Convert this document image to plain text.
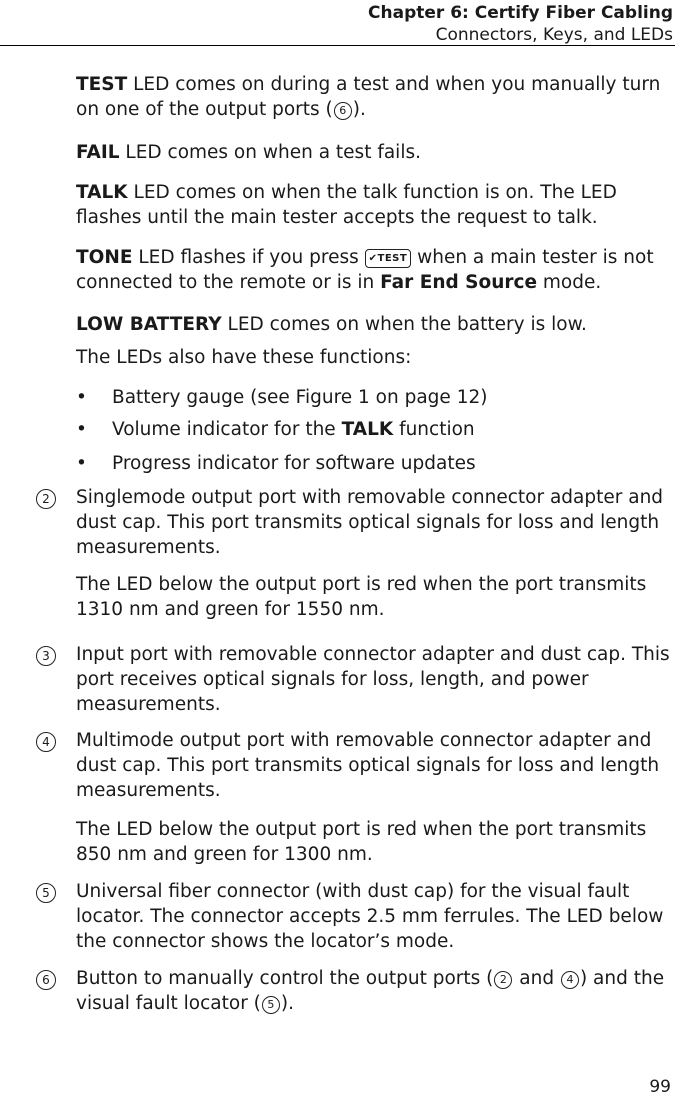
Chapter 6: Certify Fiber Cabling
Connectors, Keys, and LEDs
TEST LED comes on during a test and when you manually turn on one of the output ports ( 6 ).
FAIL LED comes on when a test fails.
TALK LED comes on when the talk function is on. The LED flashes until the main tester accepts the request to talk.
TONE LED flashes if you press ✔TEST when a main tester is not connected to the remote or is in Far End Source mode.
LOW BATTERY LED comes on when the battery is low.
The LEDs also have these functions:
• Battery gauge (see Figure 1 on page 12)
• Volume indicator for the TALK function
• Progress indicator for software updates
2	Singlemode output port with removable connector adapter and dust cap. This port transmits optical signals for loss and length measurements.
The LED below the output port is red when the port transmits 1310 nm and green for 1550 nm.
3	Input port with removable connector adapter and dust cap. This port receives optical signals for loss, length, and power measurements.
4	Multimode output port with removable connector adapter and dust cap. This port transmits optical signals for loss and length measurements.
The LED below the output port is red when the port transmits 850 nm and green for 1300 nm.
5	Universal fiber connector (with dust cap) for the visual fault locator. The connector accepts 2.5 mm ferrules. The LED below the connector shows the locator’s mode.
6	Button to manually control the output ports ( 2 and 4 ) and the visual fault locator ( 5 ).
99
